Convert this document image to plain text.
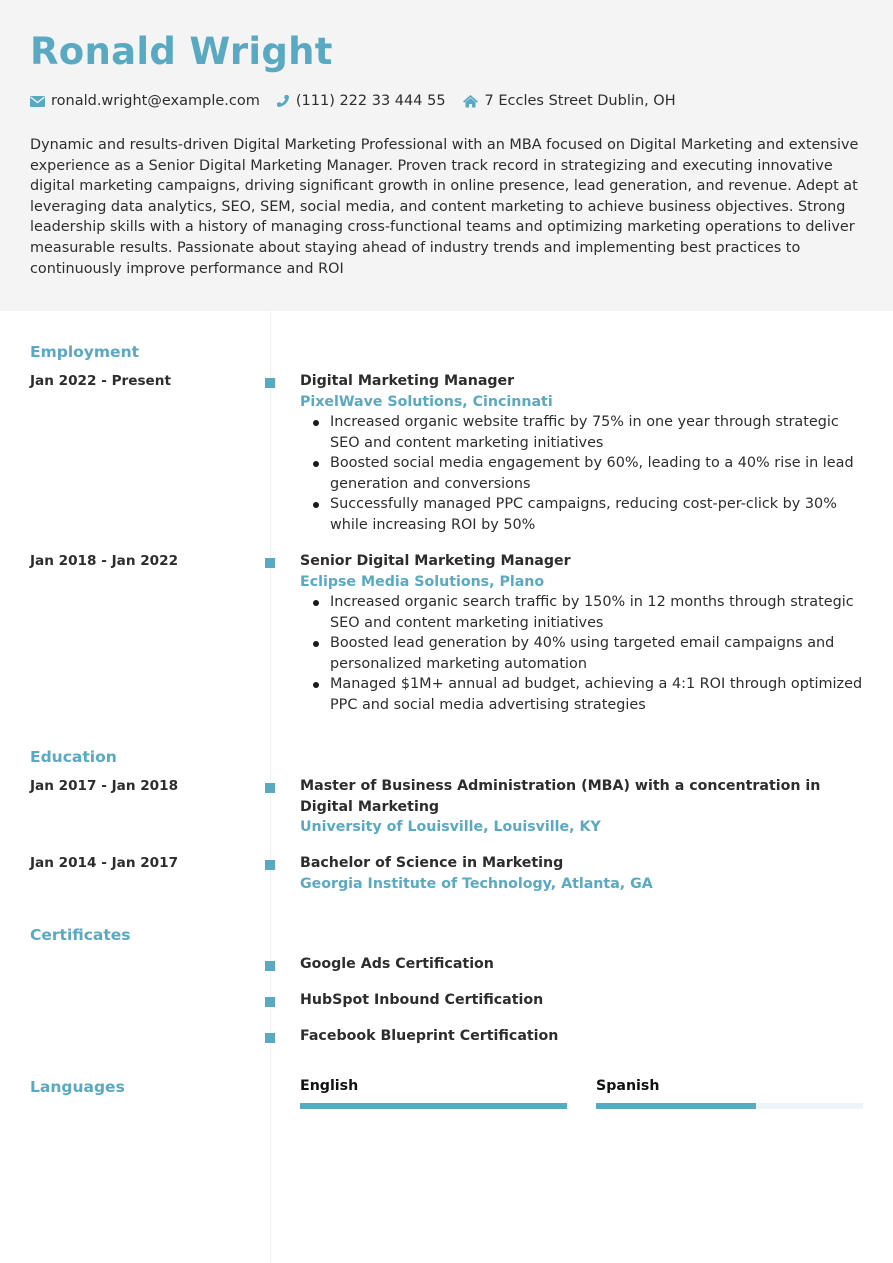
Ronald Wright
ronald.wright@example.com (111) 222 33 444 55	7 Eccles Street Dublin, OH
Dynamic and results-driven Digital Marketing Professional with an MBA focused on Digital Marketing and extensive experience as a Senior Digital Marketing Manager. Proven track record in strategizing and executing innovative digital marketing campaigns, driving significant growth in online presence, lead generation, and revenue. Adept at leveraging data analytics, SEO, SEM, social media, and content marketing to achieve business objectives. Strong leadership skills with a history of managing cross-functional teams and optimizing marketing operations to deliver measurable results. Passionate about staying ahead of industry trends and implementing best practices to continuously improve performance and ROI
Employment
Jan 2022 - Present	Digital Marketing Manager
PixelWave Solutions, Cincinnati
Increased organic website traffic by 75% in one year through strategic SEO and content marketing initiatives
Boosted social media engagement by 60%, leading to a 40% rise in lead generation and conversions
Successfully managed PPC campaigns, reducing cost-per-click by 30% while increasing ROI by 50%
Jan 2018 - Jan 2022	Senior Digital Marketing Manager
Eclipse Media Solutions, Plano
Increased organic search traffic by 150% in 12 months through strategic SEO and content marketing initiatives
Boosted lead generation by 40% using targeted email campaigns and personalized marketing automation
Managed $1M+ annual ad budget, achieving a 4:1 ROI through optimized PPC and social media advertising strategies
Education
Jan 2017 - Jan 2018	Master of Business Administration (MBA) with a concentration in Digital Marketing
University of Louisville, Louisville, KY
Jan 2014 - Jan 2017	Bachelor of Science in Marketing
Georgia Institute of Technology, Atlanta, GA
Certificates
Google Ads Certification
HubSpot Inbound Certification
Facebook Blueprint Certification
Languages	English	Spanish
